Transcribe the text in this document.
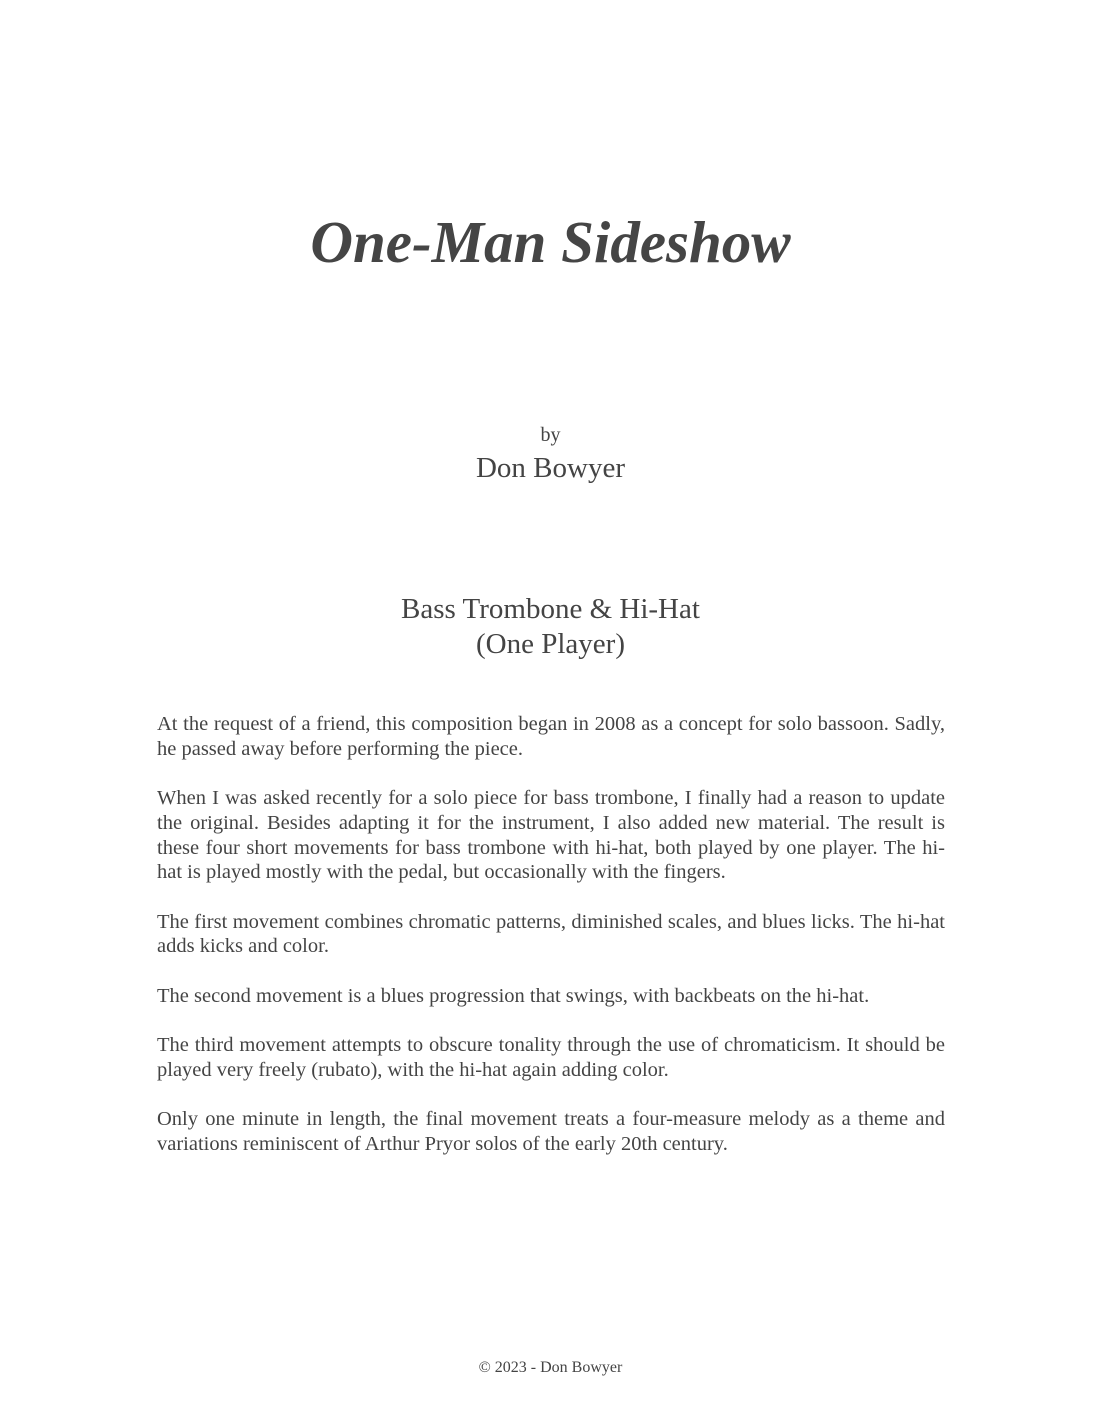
One-Man Sideshow
by
Don Bowyer
Bass Trombone & Hi-Hat
(One Player)

At the request of a friend, this composition began in 2008 as a concept for solo bassoon. Sadly, he passed away before performing the piece.

When I was asked recently for a solo piece for bass trombone, I finally had a reason to update the original. Besides adapting it for the instrument, I also added new material. The result is these four short movements for bass trombone with hi-hat, both played by one player. The hi-hat is played mostly with the pedal, but occasionally with the fingers.

The first movement combines chromatic patterns, diminished scales, and blues licks. The hi-hat adds kicks and color.

The second movement is a blues progression that swings, with backbeats on the hi-hat.

The third movement attempts to obscure tonality through the use of chromaticism. It should be played very freely (rubato), with the hi-hat again adding color.

Only one minute in length, the final movement treats a four-measure melody as a theme and variations reminiscent of Arthur Pryor solos of the early 20th century.

© 2023 - Don Bowyer
